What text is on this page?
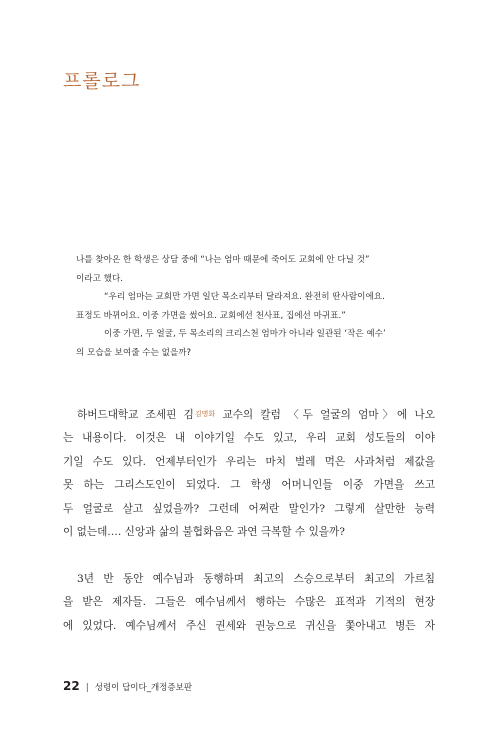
프롤로그

나를 찾아온 한 학생은 상담 중에 “나는 엄마 때문에 죽어도 교회에 안 다닐 것”

이라고 했다.

“우리 엄마는 교회만 가면 일단 목소리부터 달라져요. 완전히 딴사람이에요.

표정도 바뀌어요. 이중 가면을 썼어요. 교회에선 천사표, 집에선 마귀표.”

이중 가면, 두 얼굴, 두 목소리의 크리스천 엄마가 아니라 일관된 ‘작은 예수’

의 모습을 보여줄 수는 없을까?

하버드대학교 조세핀 김김명화 교수의 칼럼 〈두 얼굴의 엄마〉에 나오
는 내용이다. 이것은 내 이야기일 수도 있고, 우리 교회 성도들의 이야
기일 수도 있다. 언제부터인가 우리는 마치 벌레 먹은 사과처럼 제값을
못 하는 그리스도인이 되었다. 그 학생 어머니인들 이중 가면을 쓰고
두 얼굴로 살고 싶었을까? 그런데 어쩌란 말인가? 그렇게 살만한 능력
이 없는데…. 신앙과 삶의 불협화음은 과연 극복할 수 있을까?
3년 반 동안 예수님과 동행하며 최고의 스승으로부터 최고의 가르침
을 받은 제자들. 그들은 예수님께서 행하는 수많은 표적과 기적의 현장
에 있었다. 예수님께서 주신 권세와 권능으로 귀신을 쫓아내고 병든 자
22 | 성령이 답이다_개정증보판
